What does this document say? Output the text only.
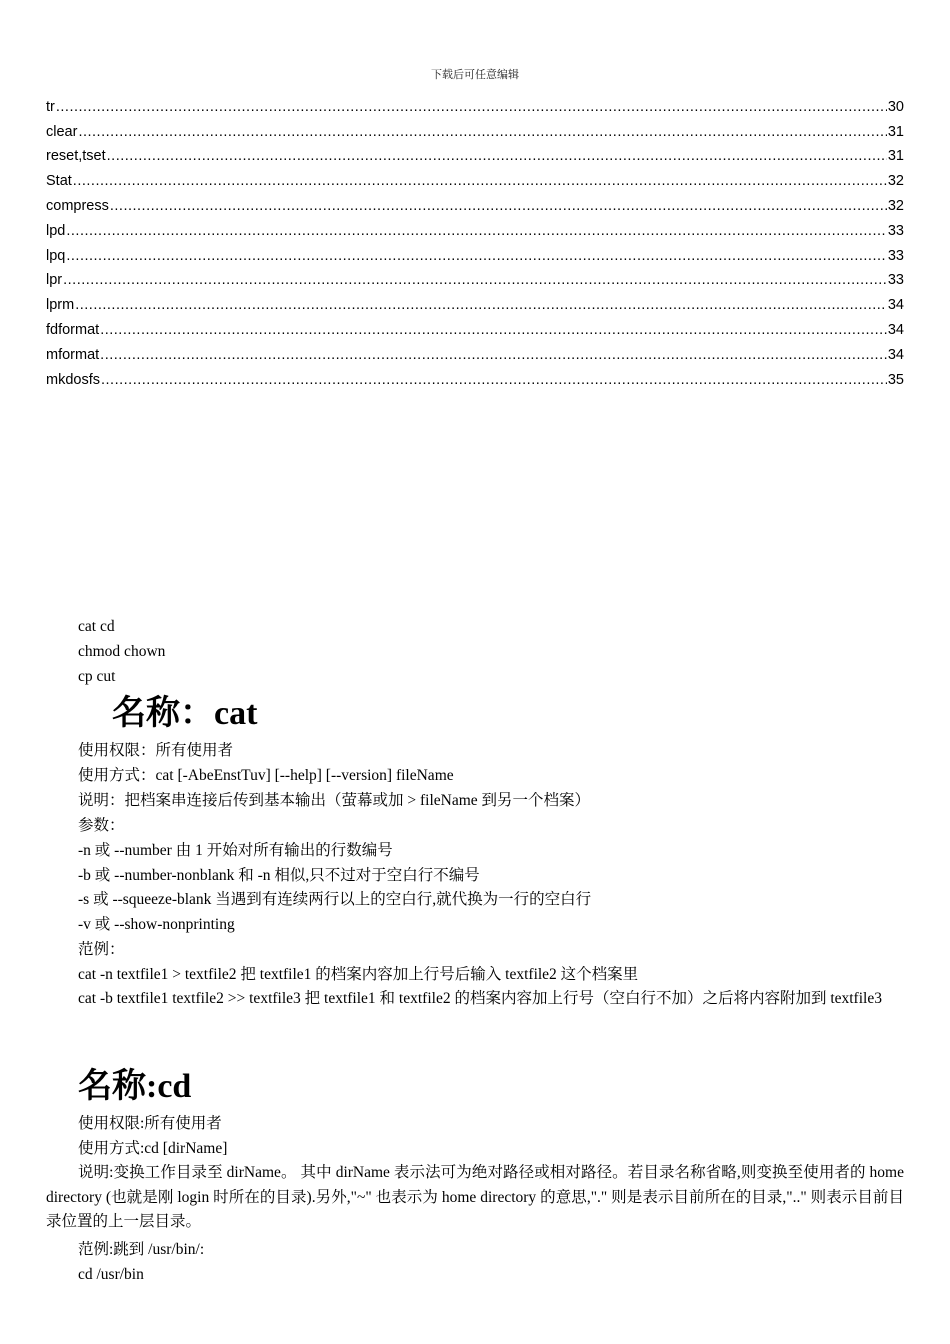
下载后可任意编辑
tr .....	30
clear .....	31
reset,tset .....	31
Stat .....	32
compress .....	32
lpd .....	33
lpq .....	33
lpr .....	33
lprm .....	34
fdformat .....	34
mformat .....	34
mkdosfs .....	35
cat cd
chmod chown
cp cut
名称：cat
使用权限：所有使用者
使用方式：cat [-AbeEnstTuv] [--help] [--version] fileName
说明：把档案串连接后传到基本输出（萤幕或加 > fileName 到另一个档案）
参数：
-n 或 --number 由 1 开始对所有输出的行数编号
-b 或 --number-nonblank 和 -n 相似,只不过对于空白行不编号
-s 或 --squeeze-blank 当遇到有连续两行以上的空白行,就代换为一行的空白行
-v 或 --show-nonprinting
范例：
cat -n textfile1 > textfile2 把 textfile1 的档案内容加上行号后输入 textfile2 这个档案里
cat -b textfile1 textfile2 >> textfile3 把 textfile1 和 textfile2 的档案内容加上行号（空白行不加）之后将内容附加到 textfile3
名称:cd
使用权限:所有使用者
使用方式:cd [dirName]
说明:变换工作目录至 dirName。 其中 dirName 表示法可为绝对路径或相对路径。若目录名称省略,则变换至使用者的 home directory (也就是刚 login 时所在的目录).另外,"~" 也表示为 home directory 的意思,"." 则是表示目前所在的目录,".." 则表示目前目录位置的上一层目录。
范例:跳到 /usr/bin/:
cd /usr/bin
